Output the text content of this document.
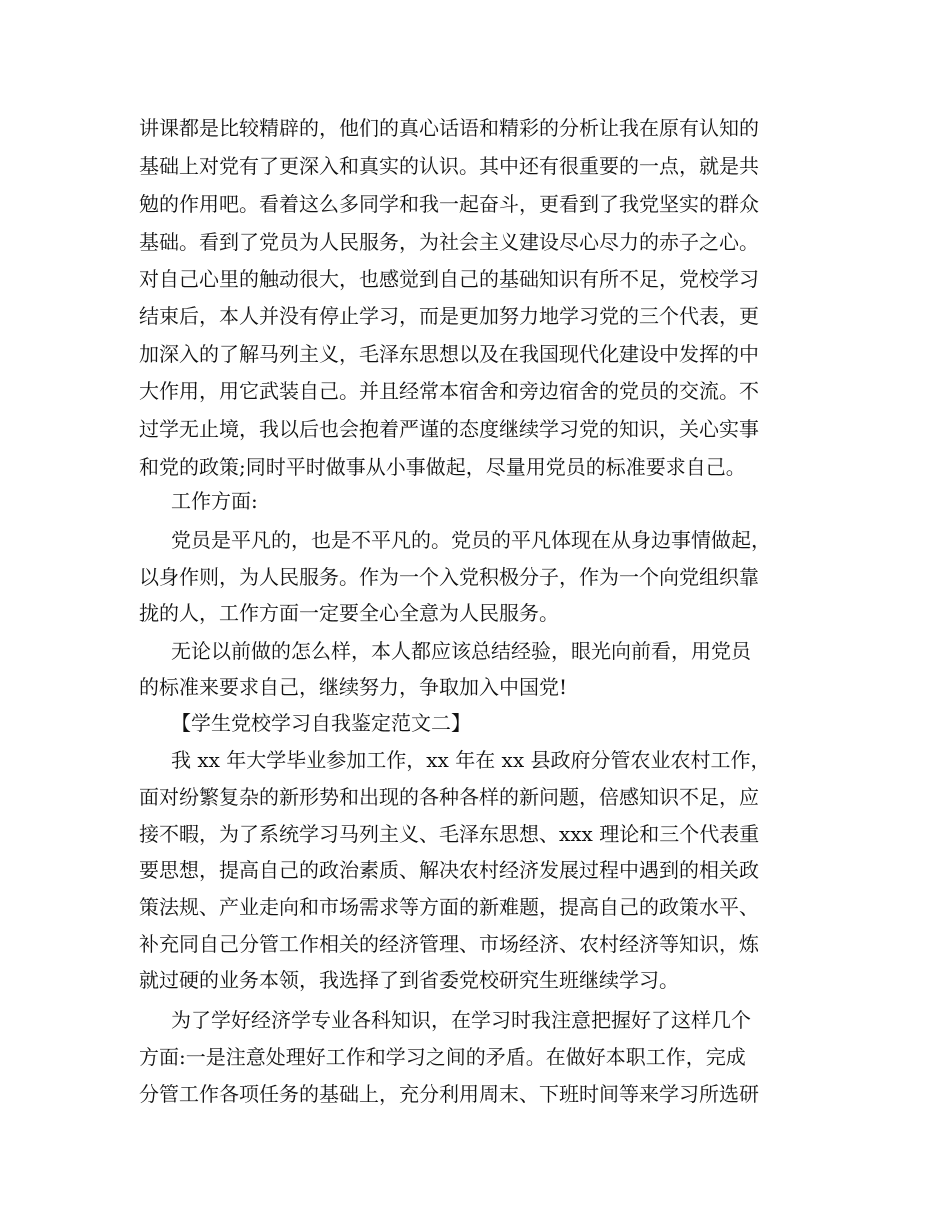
讲课都是比较精辟的，他们的真心话语和精彩的分析让我在原有认知的
基础上对党有了更深入和真实的认识。其中还有很重要的一点，就是共
勉的作用吧。看着这么多同学和我一起奋斗，更看到了我党坚实的群众
基础。看到了党员为人民服务，为社会主义建设尽心尽力的赤子之心。
对自己心里的触动很大，也感觉到自己的基础知识有所不足，党校学习
结束后，本人并没有停止学习，而是更加努力地学习党的三个代表，更
加深入的了解马列主义，毛泽东思想以及在我国现代化建设中发挥的中
大作用，用它武装自己。并且经常本宿舍和旁边宿舍的党员的交流。不
过学无止境，我以后也会抱着严谨的态度继续学习党的知识，关心实事
和党的政策;同时平时做事从小事做起，尽量用党员的标准要求自己。
工作方面:
党员是平凡的，也是不平凡的。党员的平凡体现在从身边事情做起，
以身作则，为人民服务。作为一个入党积极分子，作为一个向党组织靠
拢的人，工作方面一定要全心全意为人民服务。
无论以前做的怎么样，本人都应该总结经验，眼光向前看，用党员
的标准来要求自己，继续努力，争取加入中国党!
【学生党校学习自我鉴定范文二】
我 xx 年大学毕业参加工作，xx 年在 xx 县政府分管农业农村工作，
面对纷繁复杂的新形势和出现的各种各样的新问题，倍感知识不足，应
接不暇，为了系统学习马列主义、毛泽东思想、xxx 理论和三个代表重
要思想，提高自己的政治素质、解决农村经济发展过程中遇到的相关政
策法规、产业走向和市场需求等方面的新难题，提高自己的政策水平、
补充同自己分管工作相关的经济管理、市场经济、农村经济等知识，炼
就过硬的业务本领，我选择了到省委党校研究生班继续学习。
为了学好经济学专业各科知识，在学习时我注意把握好了这样几个
方面:一是注意处理好工作和学习之间的矛盾。在做好本职工作，完成
分管工作各项任务的基础上，充分利用周末、下班时间等来学习所选研
